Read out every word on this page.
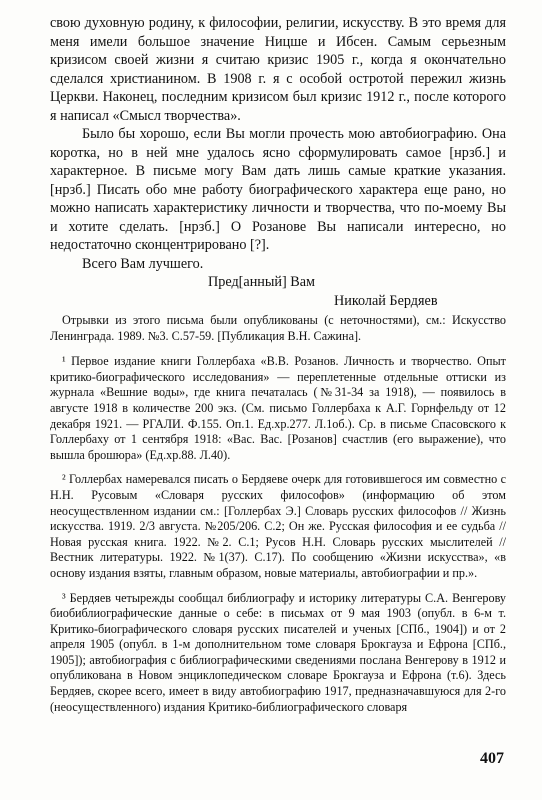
свою духовную родину, к философии, религии, искусству. В это время для меня имели большое значение Ницше и Ибсен. Самым серьезным кризисом своей жизни я считаю кризис 1905 г., когда я окончательно сделался христианином. В 1908 г. я с особой остротой пережил жизнь Церкви. Наконец, последним кризисом был кризис 1912 г., после которого я написал «Смысл творчества».

Было бы хорошо, если Вы могли прочесть мою автобиографию. Она коротка, но в ней мне удалось ясно сформулировать самое [нрзб.] и характерное. В письме могу Вам дать лишь самые краткие указания. [нрзб.] Писать обо мне работу биографического характера еще рано, но можно написать характеристику личности и творчества, что по-моему Вы и хотите сделать. [нрзб.] О Розанове Вы написали интересно, но недостаточно сконцентрировано [?].

Всего Вам лучшего.

Пред[анный] Вам

Николай Бердяев

Отрывки из этого письма были опубликованы (с неточностями), см.: Искусство Ленинграда. 1989. №3. С.57-59. [Публикация В.Н. Сажина].

¹ Первое издание книги Голлербаха «В.В. Розанов. Личность и творчество. Опыт критико-биографического исследования» — переплетенные отдельные оттиски из журнала «Вешние воды», где книга печаталась (№31-34 за 1918), — появилось в августе 1918 в количестве 200 экз. (См. письмо Голлербаха к А.Г. Горнфельду от 12 декабря 1921. — РГАЛИ. Ф.155. Оп.1. Ед.хр.277. Л.1об.). Ср. в письме Спасовского к Голлербаху от 1 сентября 1918: «Вас. Вас. [Розанов] счастлив (его выражение), что вышла брошюра» (Ед.хр.88. Л.40).

² Голлербах намеревался писать о Бердяеве очерк для готовившегося им совместно с Н.Н. Русовым «Словаря русских философов» (информацию об этом неосуществленном издании см.: [Голлербах Э.] Словарь русских философов // Жизнь искусства. 1919. 2/3 августа. №205/206. С.2; Он же. Русская философия и ее судьба // Новая русская книга. 1922. №2. С.1; Русов Н.Н. Словарь русских мыслителей // Вестник литературы. 1922. №1(37). С.17). По сообщению «Жизни искусства», «в основу издания взяты, главным образом, новые материалы, автобиографии и пр.».

³ Бердяев четырежды сообщал библиографу и историку литературы С.А. Венгерову биобиблиографические данные о себе: в письмах от 9 мая 1903 (опубл. в 6-м т. Критико-биографического словаря русских писателей и ученых [СПб., 1904]) и от 2 апреля 1905 (опубл. в 1-м дополнительном томе словаря Брокгауза и Ефрона [СПб., 1905]); автобиография с библиографическими сведениями послана Венгерову в 1912 и опубликована в Новом энциклопедическом словаре Брокгауза и Ефрона (т.6). Здесь Бердяев, скорее всего, имеет в виду автобиографию 1917, предназначавшуюся для 2-го (неосуществленного) издания Критико-библиографического словаря

407
